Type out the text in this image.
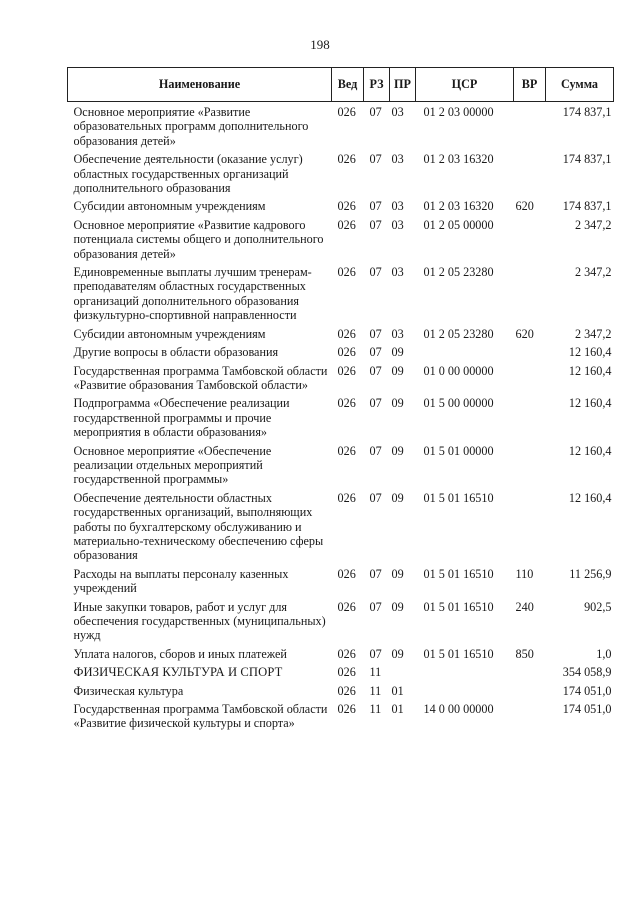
198
Наименование	Вед	РЗ	ПР	ЦСР	ВР	Сумма
Основное мероприятие «Развитие образовательных программ дополнительного образования детей»	026	07	03	01 2 03 00000		174 837,1
Обеспечение деятельности (оказание услуг) областных государственных организаций дополнительного образования	026	07	03	01 2 03 16320		174 837,1
Субсидии автономным учреждениям	026	07	03	01 2 03 16320	620	174 837,1
Основное мероприятие «Развитие кадрового потенциала системы общего и дополнительного образования детей»	026	07	03	01 2 05 00000		2 347,2
Единовременные выплаты лучшим тренерам-преподавателям областных государственных организаций дополнительного образования физкультурно-спортивной направленности	026	07	03	01 2 05 23280		2 347,2
Субсидии автономным учреждениям	026	07	03	01 2 05 23280	620	2 347,2
Другие вопросы в области образования	026	07	09			12 160,4
Государственная программа Тамбовской области «Развитие образования Тамбовской области»	026	07	09	01 0 00 00000		12 160,4
Подпрограмма «Обеспечение реализации государственной программы и прочие мероприятия в области образования»	026	07	09	01 5 00 00000		12 160,4
Основное мероприятие «Обеспечение реализации отдельных мероприятий государственной программы»	026	07	09	01 5 01 00000		12 160,4
Обеспечение деятельности областных государственных организаций, выполняющих работы по бухгалтерскому обслуживанию и материально-техническому обеспечению сферы образования	026	07	09	01 5 01 16510		12 160,4
Расходы на выплаты персоналу казенных учреждений	026	07	09	01 5 01 16510	110	11 256,9
Иные закупки товаров, работ и услуг для обеспечения государственных (муниципальных) нужд	026	07	09	01 5 01 16510	240	902,5
Уплата налогов, сборов и иных платежей	026	07	09	01 5 01 16510	850	1,0
ФИЗИЧЕСКАЯ КУЛЬТУРА И СПОРТ	026	11				354 058,9
Физическая культура	026	11	01			174 051,0
Государственная программа Тамбовской области «Развитие физической культуры и спорта»	026	11	01	14 0 00 00000		174 051,0
